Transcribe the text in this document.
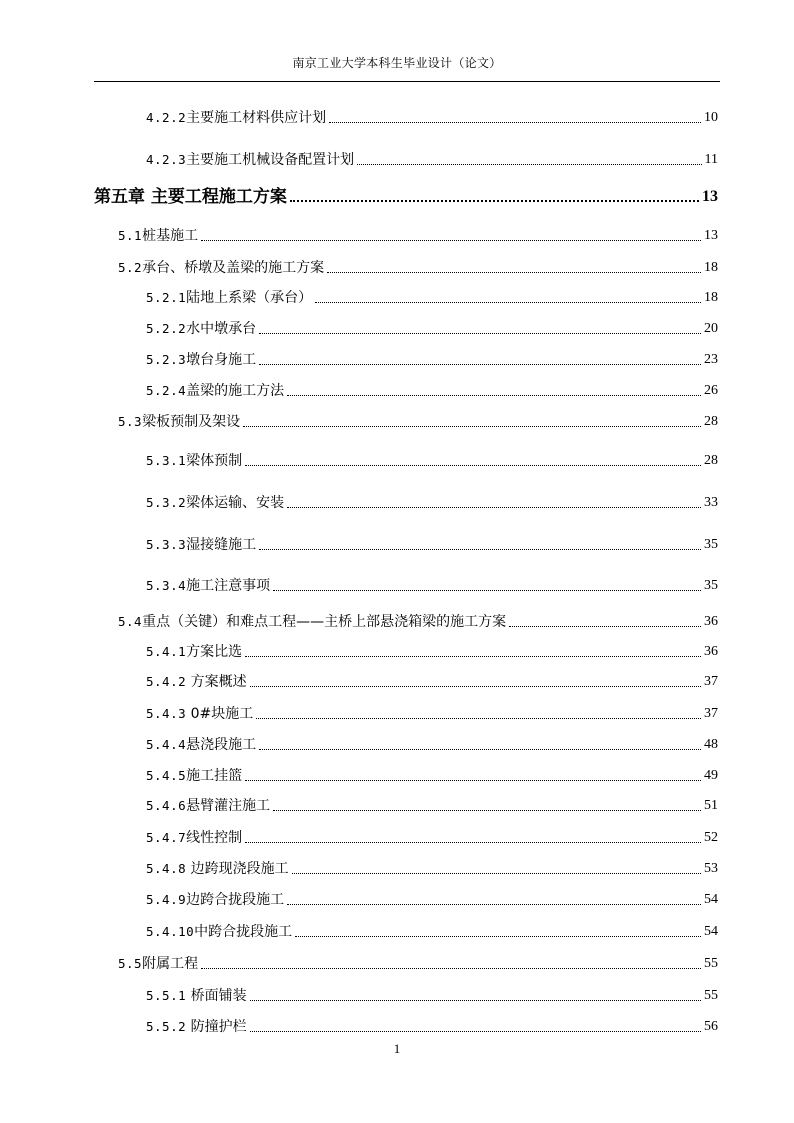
南京工业大学本科生毕业设计（论文）
4.2.2主要施工材料供应计划	10
4.2.3主要施工机械设备配置计划	11
第五章 主要工程施工方案	13
5.1桩基施工	13
5.2承台、桥墩及盖梁的施工方案	18
5.2.1陆地上系梁（承台）	18
5.2.2水中墩承台	20
5.2.3墩台身施工	23
5.2.4盖梁的施工方法	26
5.3梁板预制及架设	28
5.3.1梁体预制	28
5.3.2梁体运输、安装	33
5.3.3湿接缝施工	35
5.3.4施工注意事项	35
5.4重点（关键）和难点工程——主桥上部悬浇箱梁的施工方案	36
5.4.1方案比选	36
5.4.2 方案概述	37
5.4.3 0#块施工	37
5.4.4悬浇段施工	48
5.4.5施工挂篮	49
5.4.6悬臂灌注施工	51
5.4.7线性控制	52
5.4.8 边跨现浇段施工	53
5.4.9边跨合拢段施工	54
5.4.10中跨合拢段施工	54
5.5附属工程	55
5.5.1 桥面铺装	55
5.5.2 防撞护栏	56
1
